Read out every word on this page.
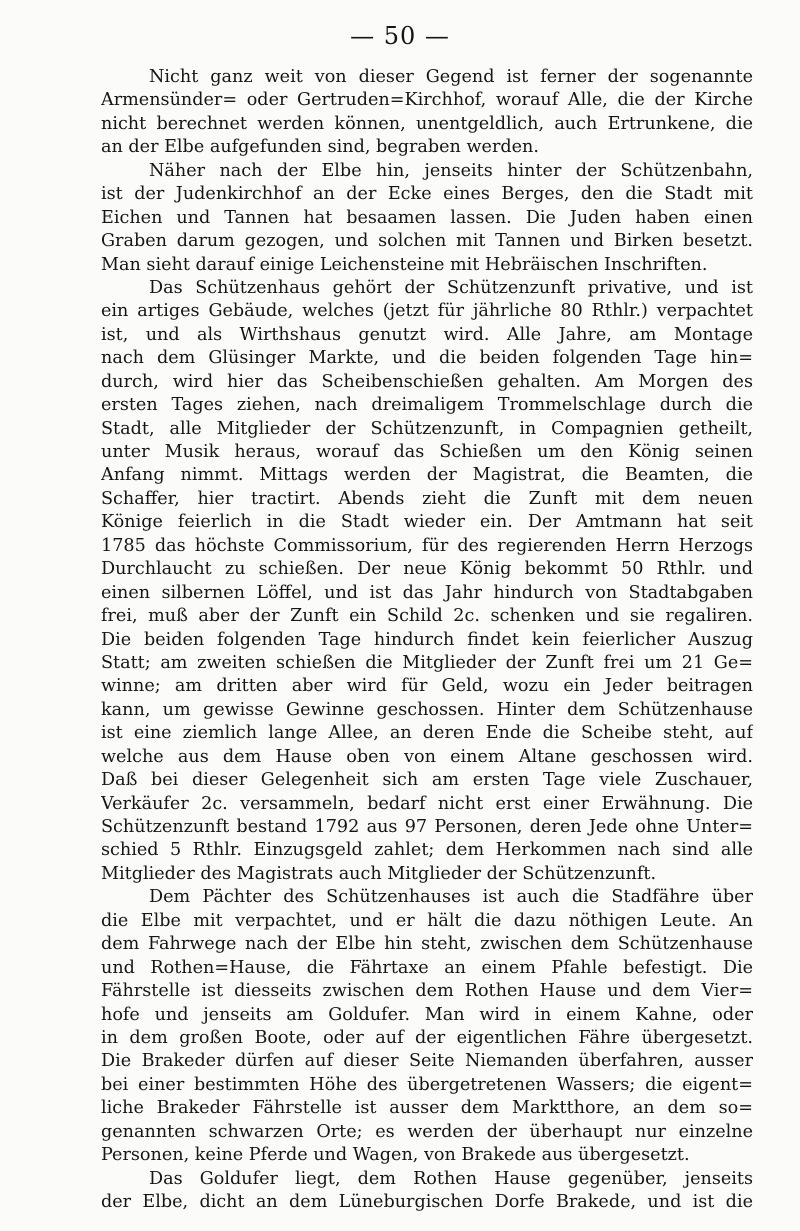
— 50 —
Nicht ganz weit von dieser Gegend ist ferner der sogenannte
Armensünder= oder Gertruden=Kirchhof, worauf Alle, die der Kirche
nicht berechnet werden können, unentgeldlich, auch Ertrunkene, die
an der Elbe aufgefunden sind, begraben werden.
Näher nach der Elbe hin, jenseits hinter der Schützenbahn,
ist der Judenkirchhof an der Ecke eines Berges, den die Stadt mit
Eichen und Tannen hat besaamen lassen. Die Juden haben einen
Graben darum gezogen, und solchen mit Tannen und Birken besetzt.
Man sieht darauf einige Leichensteine mit Hebräischen Inschriften.
Das Schützenhaus gehört der Schützenzunft privative, und ist
ein artiges Gebäude, welches (jetzt für jährliche 80 Rthlr.) verpachtet
ist, und als Wirthshaus genutzt wird. Alle Jahre, am Montage
nach dem Glüsinger Markte, und die beiden folgenden Tage hin=
durch, wird hier das Scheibenschießen gehalten. Am Morgen des
ersten Tages ziehen, nach dreimaligem Trommelschlage durch die
Stadt, alle Mitglieder der Schützenzunft, in Compagnien getheilt,
unter Musik heraus, worauf das Schießen um den König seinen
Anfang nimmt. Mittags werden der Magistrat, die Beamten, die
Schaffer, hier tractirt. Abends zieht die Zunft mit dem neuen
Könige feierlich in die Stadt wieder ein. Der Amtmann hat seit
1785 das höchste Commissorium, für des regierenden Herrn Herzogs
Durchlaucht zu schießen. Der neue König bekommt 50 Rthlr. und
einen silbernen Löffel, und ist das Jahr hindurch von Stadtabgaben
frei, muß aber der Zunft ein Schild 2c. schenken und sie regaliren.
Die beiden folgenden Tage hindurch findet kein feierlicher Auszug
Statt; am zweiten schießen die Mitglieder der Zunft frei um 21 Ge=
winne; am dritten aber wird für Geld, wozu ein Jeder beitragen
kann, um gewisse Gewinne geschossen. Hinter dem Schützenhause
ist eine ziemlich lange Allee, an deren Ende die Scheibe steht, auf
welche aus dem Hause oben von einem Altane geschossen wird.
Daß bei dieser Gelegenheit sich am ersten Tage viele Zuschauer,
Verkäufer 2c. versammeln, bedarf nicht erst einer Erwähnung. Die
Schützenzunft bestand 1792 aus 97 Personen, deren Jede ohne Unter=
schied 5 Rthlr. Einzugsgeld zahlet; dem Herkommen nach sind alle
Mitglieder des Magistrats auch Mitglieder der Schützenzunft.
Dem Pächter des Schützenhauses ist auch die Stadfähre über
die Elbe mit verpachtet, und er hält die dazu nöthigen Leute. An
dem Fahrwege nach der Elbe hin steht, zwischen dem Schützenhause
und Rothen=Hause, die Fährtaxe an einem Pfahle befestigt. Die
Fährstelle ist diesseits zwischen dem Rothen Hause und dem Vier=
hofe und jenseits am Goldufer. Man wird in einem Kahne, oder
in dem großen Boote, oder auf der eigentlichen Fähre übergesetzt.
Die Brakeder dürfen auf dieser Seite Niemanden überfahren, ausser
bei einer bestimmten Höhe des übergetretenen Wassers; die eigent=
liche Brakeder Fährstelle ist ausser dem Marktthore, an dem so=
genannten schwarzen Orte; es werden der überhaupt nur einzelne
Personen, keine Pferde und Wagen, von Brakede aus übergesetzt.
Das Goldufer liegt, dem Rothen Hause gegenüber, jenseits
der Elbe, dicht an dem Lüneburgischen Dorfe Brakede, und ist die
